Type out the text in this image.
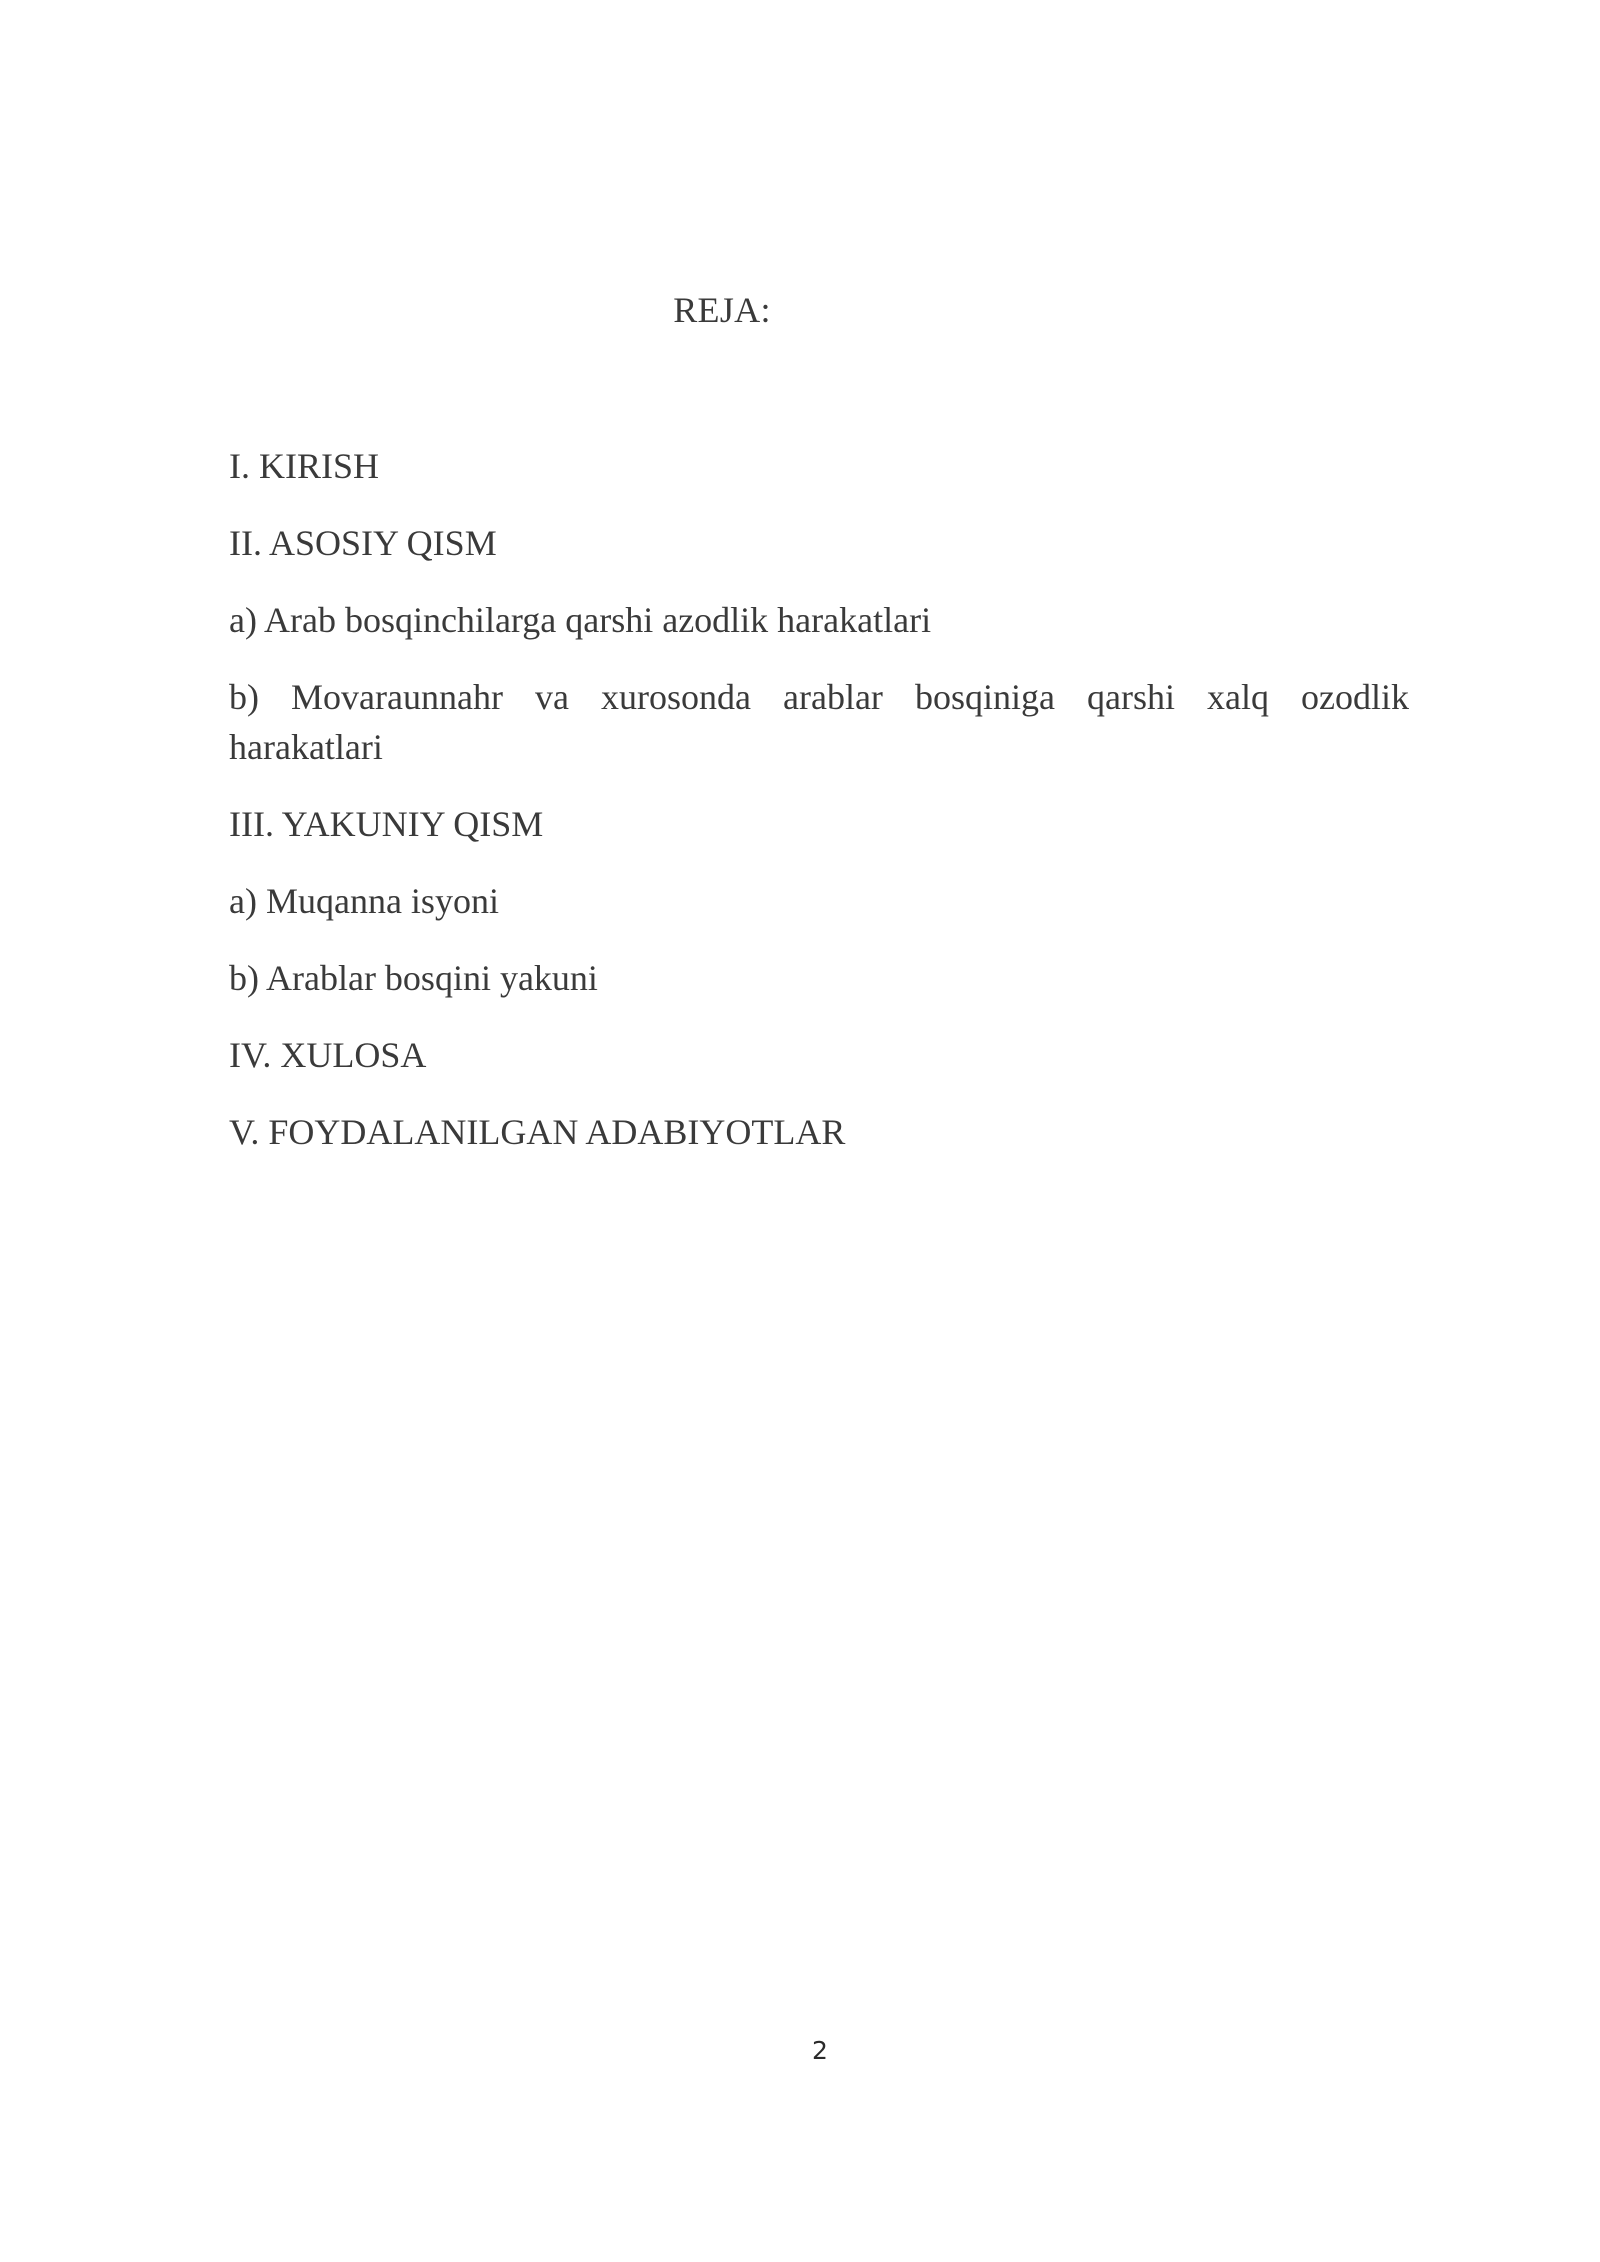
REJA:

I. KIRISH

II. ASOSIY QISM

a) Arab bosqinchilarga qarshi azodlik harakatlari

b) Movaraunnahr va xurosonda arablar bosqiniga qarshi xalq ozodlik harakatlari

III. YAKUNIY QISM

a) Muqanna isyoni

b) Arablar bosqini yakuni

IV. XULOSA

V. FOYDALANILGAN ADABIYOTLAR

2
